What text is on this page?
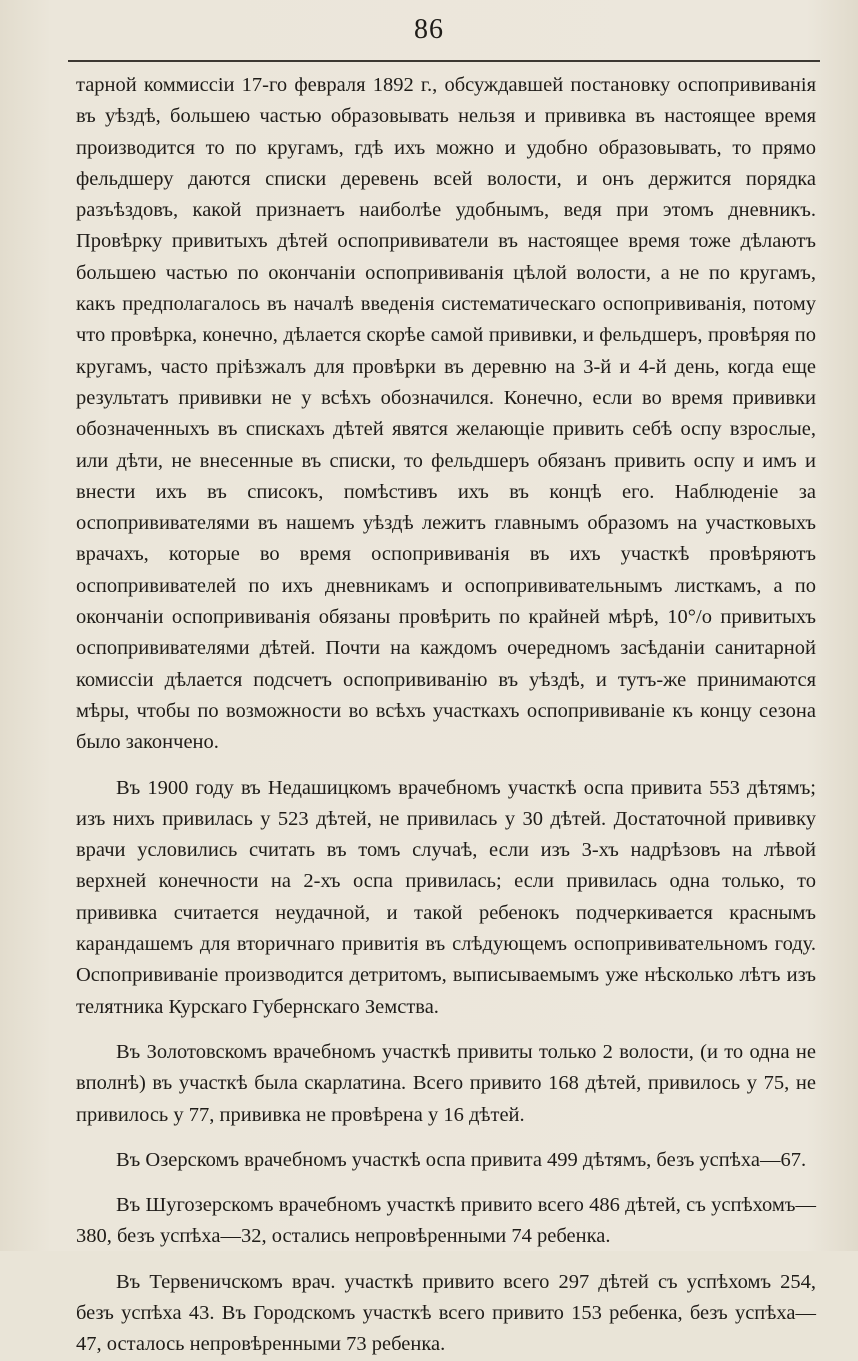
86

тарной коммиссіи 17-го февраля 1892 г., обсуждавшей постановку оспопрививанія въ уѣздѣ, большею частью образовывать нельзя и прививка въ настоящее время производится то по кругамъ, гдѣ ихъ можно и удобно образовывать, то прямо фельдшеру даются списки деревень всей волости, и онъ держится порядка разъѣздовъ, какой признаетъ наиболѣе удобнымъ, ведя при этомъ дневникъ. Провѣрку привитыхъ дѣтей оспопрививатели въ настоящее время тоже дѣлаютъ большею частью по окончаніи оспопрививанія цѣлой волости, а не по кругамъ, какъ предполагалось въ началѣ введенія систематическаго оспопрививанія, потому что провѣрка, конечно, дѣлается скорѣе самой прививки, и фельдшеръ, провѣряя по кругамъ, часто пріѣзжалъ для провѣрки въ деревню на 3-й и 4-й день, когда еще результатъ прививки не у всѣхъ обозначился. Конечно, если во время прививки обозначенныхъ въ спискахъ дѣтей явятся желающіе привить себѣ оспу взрослые, или дѣти, не внесенные въ списки, то фельдшеръ обязанъ привить оспу и имъ и внести ихъ въ списокъ, помѣстивъ ихъ въ концѣ его. Наблюденіе за оспопрививателями въ нашемъ уѣздѣ лежитъ главнымъ образомъ на участковыхъ врачахъ, которые во время оспопрививанія въ ихъ участкѣ провѣряютъ оспопрививателей по ихъ дневникамъ и оспопрививательнымъ листкамъ, а по окончаніи оспопрививанія обязаны провѣрить по крайней мѣрѣ, 10°/o привитыхъ оспопрививателями дѣтей. Почти на каждомъ очередномъ засѣданіи санитарной комиссіи дѣлается подсчетъ оспопрививанію въ уѣздѣ, и тутъ-же принимаются мѣры, чтобы по возможности во всѣхъ участкахъ оспопрививаніе къ концу сезона было закончено.

Въ 1900 году въ Недашицкомъ врачебномъ участкѣ оспа привита 553 дѣтямъ; изъ нихъ привилась у 523 дѣтей, не привилась у 30 дѣтей. Достаточной прививку врачи условились считать въ томъ случаѣ, если изъ 3-хъ надрѣзовъ на лѣвой верхней конечности на 2-хъ оспа привилась; если привилась одна только, то прививка считается неудачной, и такой ребенокъ подчеркивается краснымъ карандашемъ для вторичнаго привитія въ слѣдующемъ оспопрививательномъ году. Оспопрививаніе производится детритомъ, выписываемымъ уже нѣсколько лѣтъ изъ телятника Курскаго Губернскаго Земства.

Въ Золотовскомъ врачебномъ участкѣ привиты только 2 волости, (и то одна не вполнѣ) въ участкѣ была скарлатина. Всего привито 168 дѣтей, привилось у 75, не привилось у 77, прививка не провѣрена у 16 дѣтей.

Въ Озерскомъ врачебномъ участкѣ оспа привита 499 дѣтямъ, безъ успѣха—67.

Въ Шугозерскомъ врачебномъ участкѣ привито всего 486 дѣтей, съ успѣхомъ—380, безъ успѣха—32, остались непровѣренными 74 ребенка.

Въ Тервеничскомъ врач. участкѣ привито всего 297 дѣтей съ успѣхомъ 254, безъ успѣха 43. Въ Городскомъ участкѣ всего привито 153 ребенка, безъ успѣха—47, осталось непровѣренными 73 ребенка.
